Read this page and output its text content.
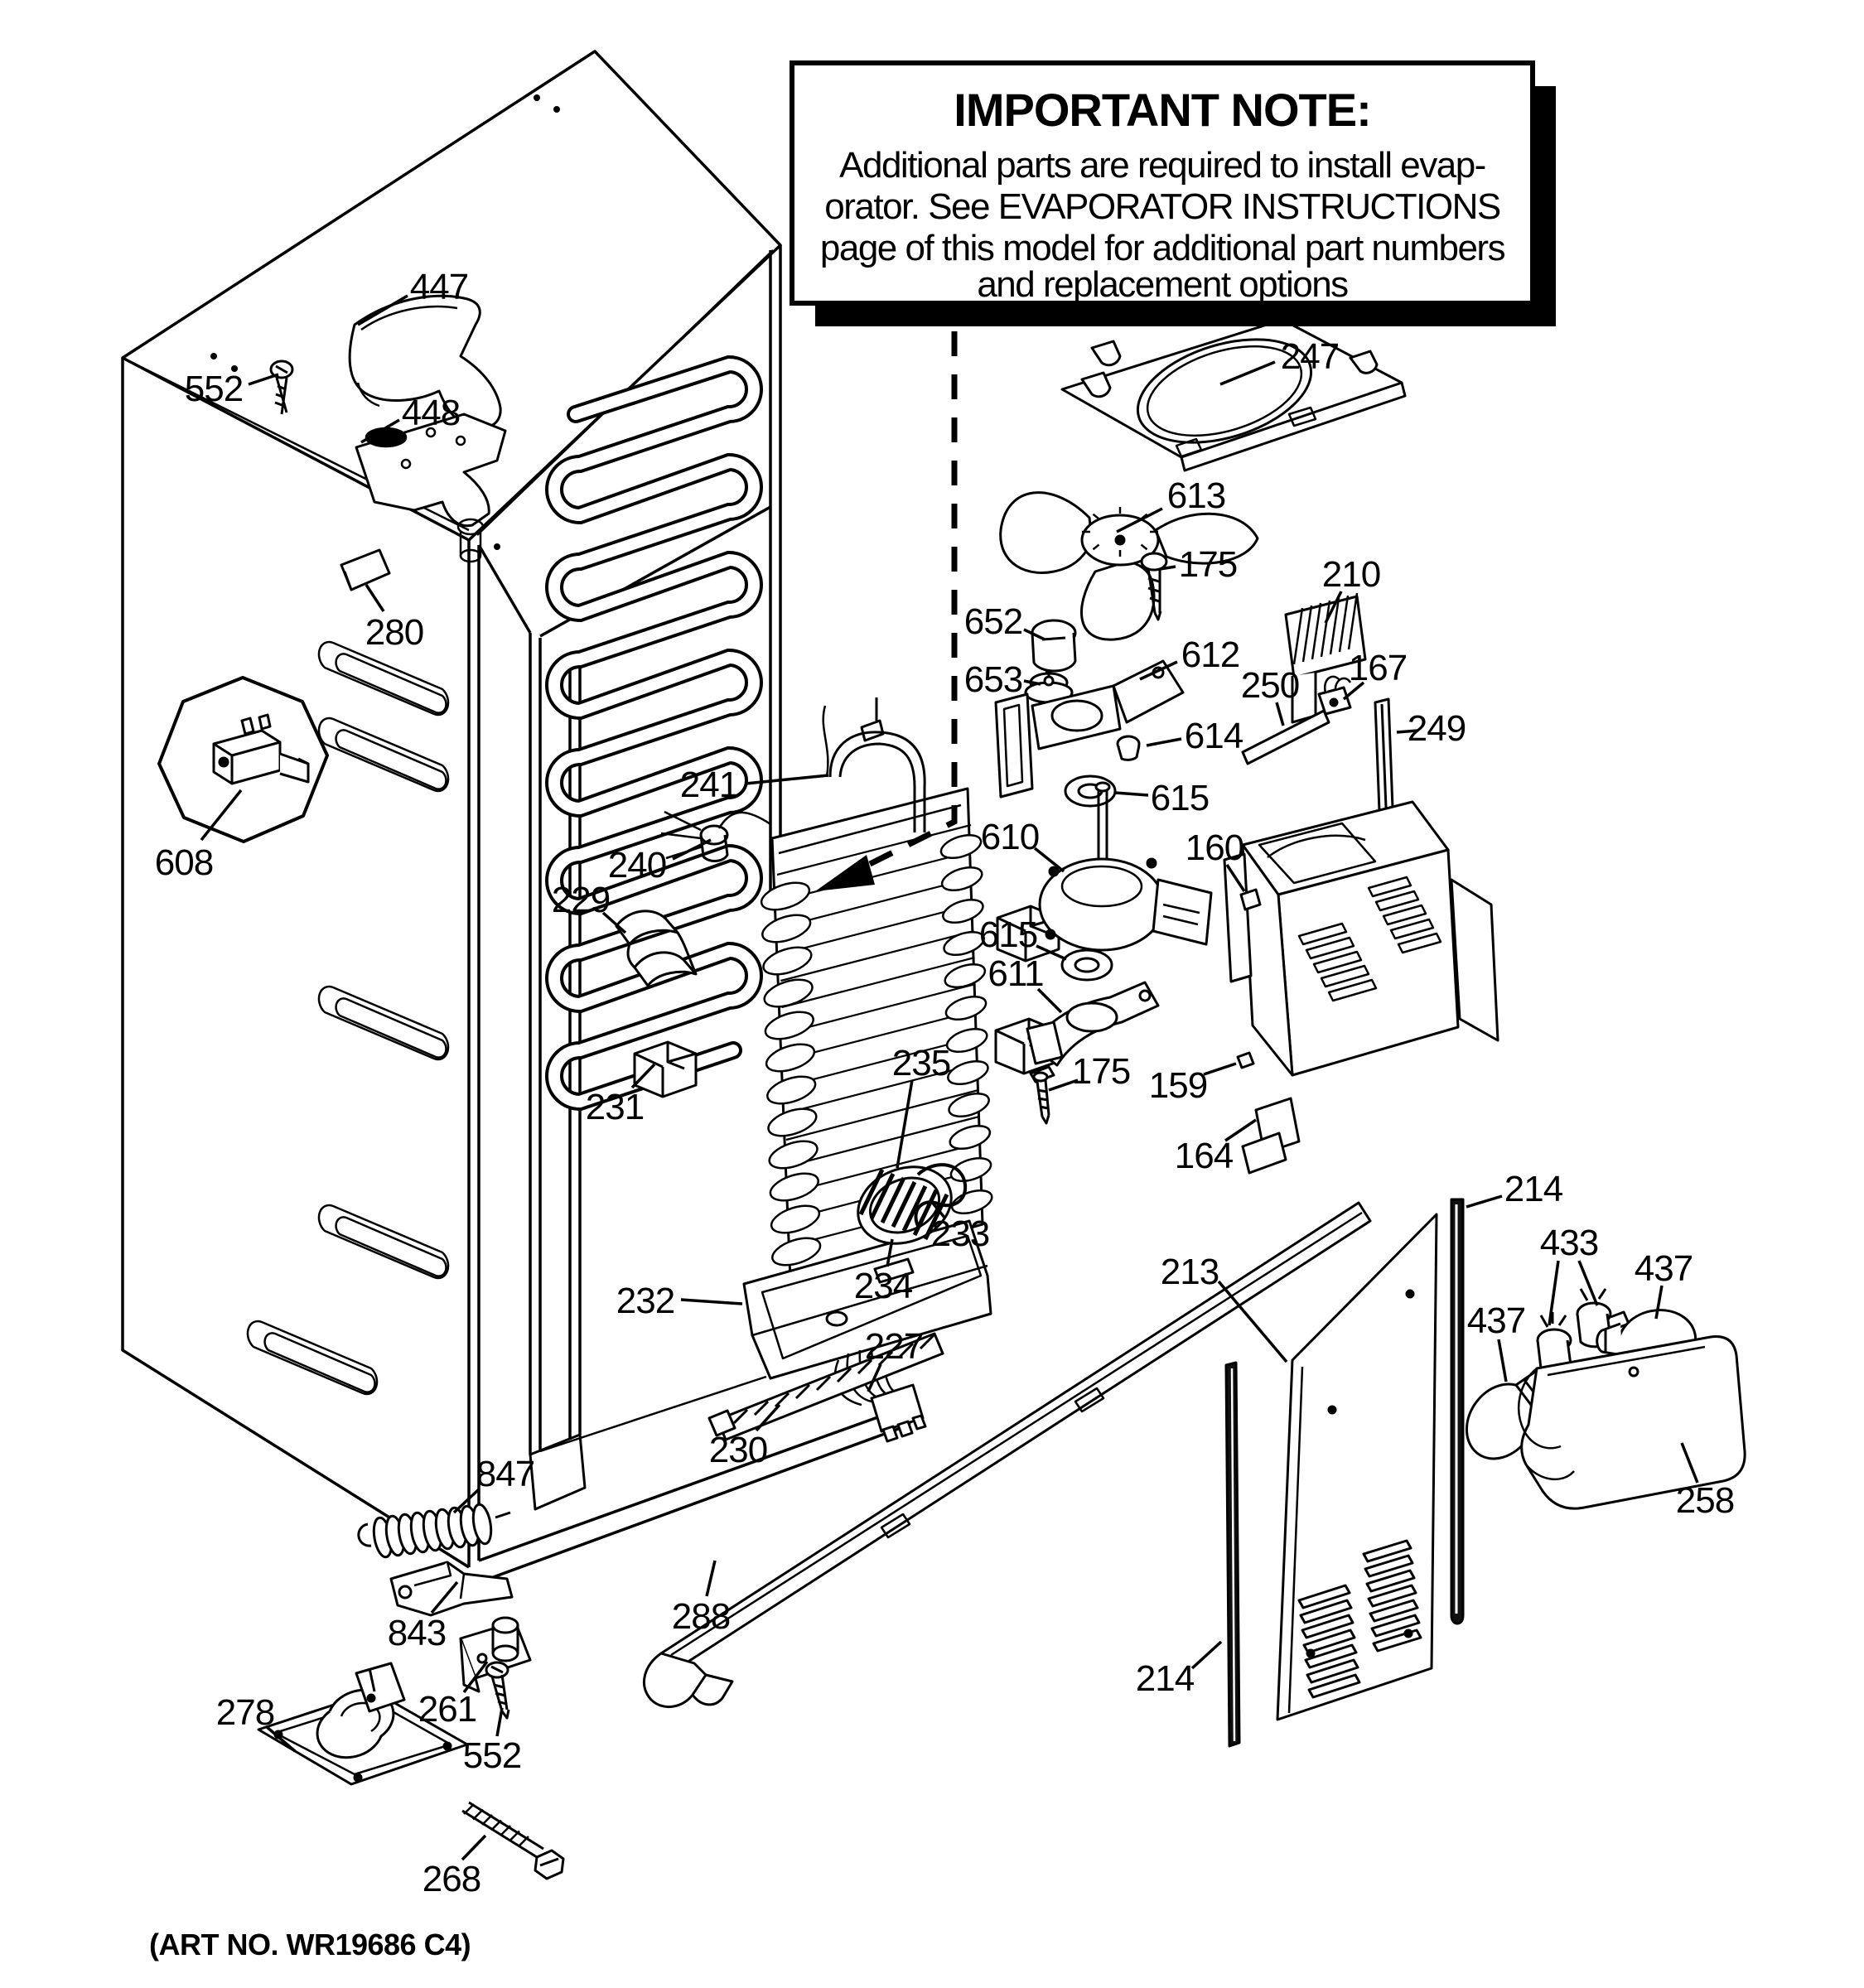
IMPORTANT NOTE:
Additional parts are required to install evap-
orator. See EVAPORATOR INSTRUCTIONS
page of this model for additional part numbers
and replacement options
(ART NO. WR19686 C4)
447
552
448
280
608
241
240
229
231
232
235
233
234
227
230
288
847
843
261
552
278
268
247
613
175
652
653
612
614
615
610	160
615
611
175 159
210
250 167
249
164
213
214
433
437
437
258
214
